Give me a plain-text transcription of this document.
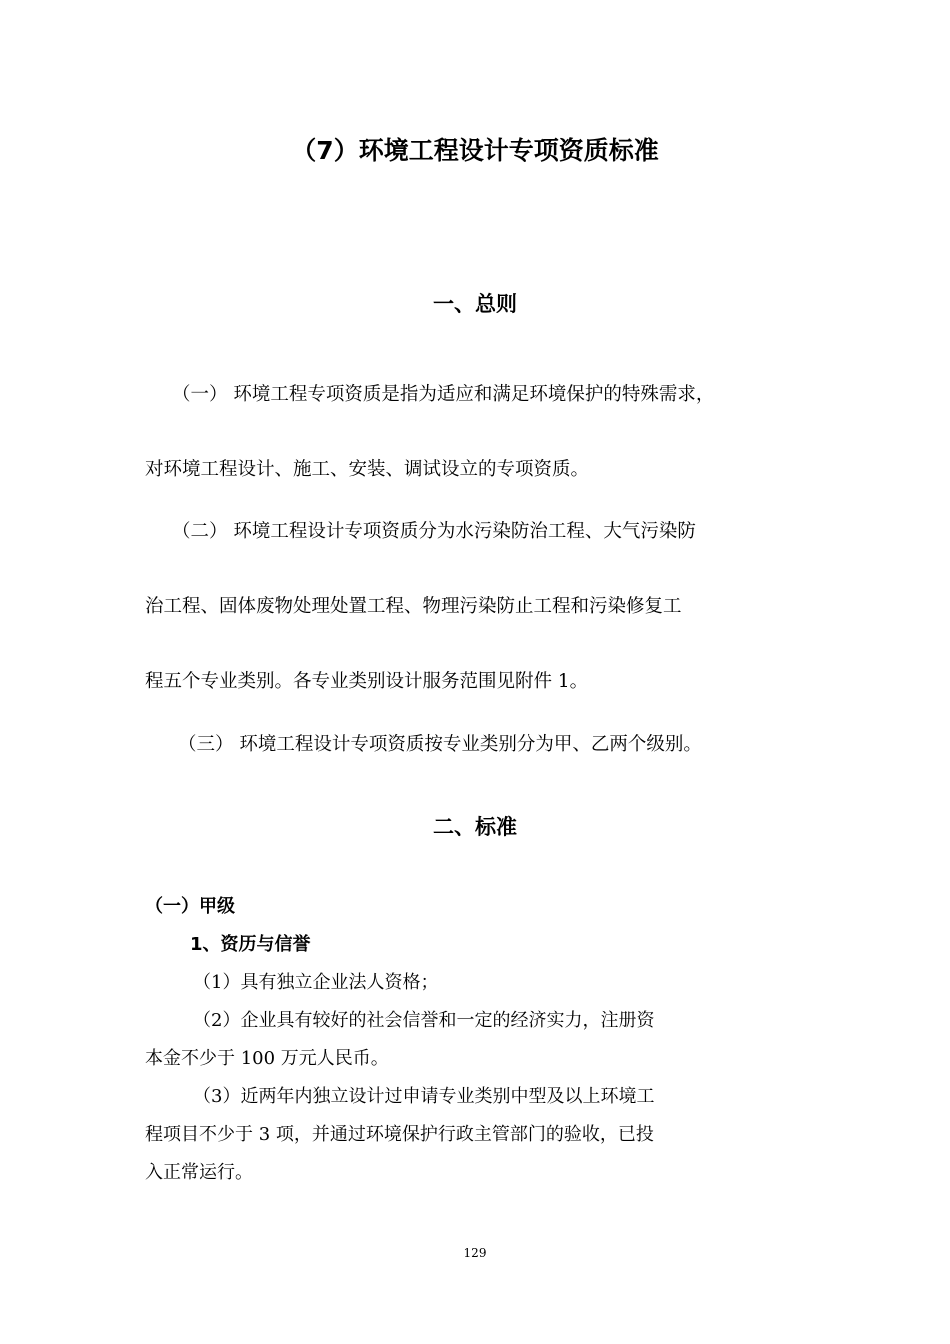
（7）环境工程设计专项资质标准
一、总则

（一） 环境工程专项资质是指为适应和满足环境保护的特殊需求，

对环境工程设计、施工、安装、调试设立的专项资质。

（二） 环境工程设计专项资质分为水污染防治工程、大气污染防

治工程、固体废物处理处置工程、物理污染防止工程和污染修复工

程五个专业类别。各专业类别设计服务范围见附件 1。

（三） 环境工程设计专项资质按专业类别分为甲、乙两个级别。

二、标准

（一）甲级

1、资历与信誉

（1）具有独立企业法人资格；

（2）企业具有较好的社会信誉和一定的经济实力，注册资

本金不少于 100 万元人民币。

（3）近两年内独立设计过申请专业类别中型及以上环境工

程项目不少于 3 项，并通过环境保护行政主管部门的验收，已投

入正常运行。

129
